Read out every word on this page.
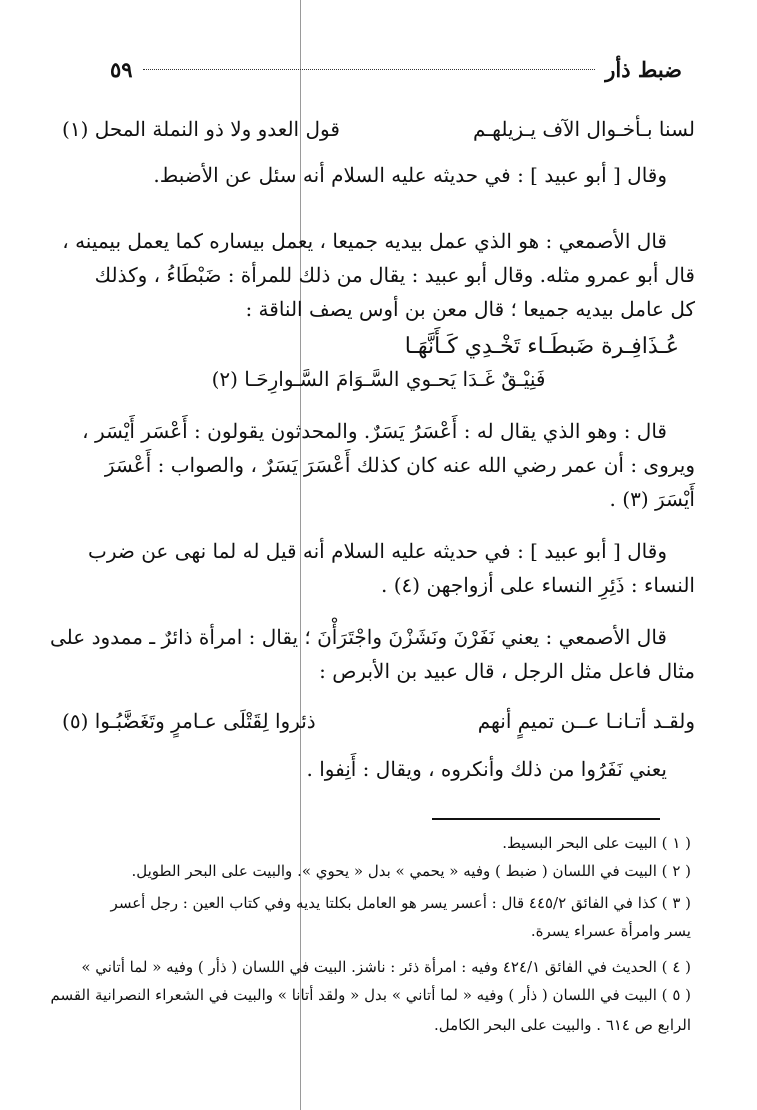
ضبط ذأر
٥٩
لسنا بـأخـوال الآف يـزيلهـم
قول العدو ولا ذو النملة المحل (١)
وقال [ أبو عبيد ] : في حديثه عليه السلام أنه سئل عن الأضبط.
قال الأصمعي : هو الذي عمل بيديه جميعا ، يعمل بيساره كما يعمل بيمينه ،
قال أبو عمرو مثله. وقال أبو عبيد : يقال من ذلك للمرأة : ضَبْطَاءُ ، وكذلك
كل عامل بيديه جميعا ؛ قال معن بن أوس يصف الناقة :
عُـذَافِـرة ضَبطَـاء تَخْـدِي كَـأَنَّهَـا
فَنِيْـقٌ غَـدَا يَحـوي السَّـوَامَ السَّـوارِحَـا (٢)
قال : وهو الذي يقال له : أَعْسَرُ يَسَرٌ. والمحدثون يقولون : أَعْسَر أَيْسَر ،
ويروى : أن عمر رضي الله عنه كان كذلك أَعْسَرَ يَسَرٌ ، والصواب : أَعْسَرَ
أَيْسَرَ (٣) .
وقال [ أبو عبيد ] : في حديثه عليه السلام أنه قيل له لما نهى عن ضرب
النساء : ذَئِرِ النساء على أزواجهن (٤) .
قال الأصمعي : يعني نَفَرْنَ ونَشَزْنَ واجْتَرَأْنَ ؛ يقال : امرأة ذائرٌ ـ ممدود على
مثال فاعل مثل الرجل ، قال عبيد بن الأبرص :
ولقـد أتـانـا عــن تميمٍ أنهم
ذئروا لِقَتْلَى عـامرٍ وتَغَضَّبُـوا (٥)
يعني نَفَرُوا من ذلك وأنكروه ، ويقال : أَنِفوا .
( ١ ) البيت على البحر البسيط.
( ٢ ) البيت في اللسان ( ضبط ) وفيه « يحمي » بدل « يحوي ». والبيت على البحر الطويل.
( ٣ ) كذا في الفائق ٤٤٥/٢ قال : أعسر يسر هو العامل بكلتا يديه وفي كتاب العين : رجل أعسر
يسر وامرأة عسراء يسرة.
( ٤ ) الحديث في الفائق ٤٢٤/١ وفيه : امرأة ذئر : ناشز. البيت في اللسان ( ذأر ) وفيه « لما أتاني »
( ٥ ) البيت في اللسان ( ذأر ) وفيه « لما أتاني » بدل « ولقد أتانا » والبيت في الشعراء النصرانية القسم
الرابع ص ٦١٤ . والبيت على البحر الكامل.
